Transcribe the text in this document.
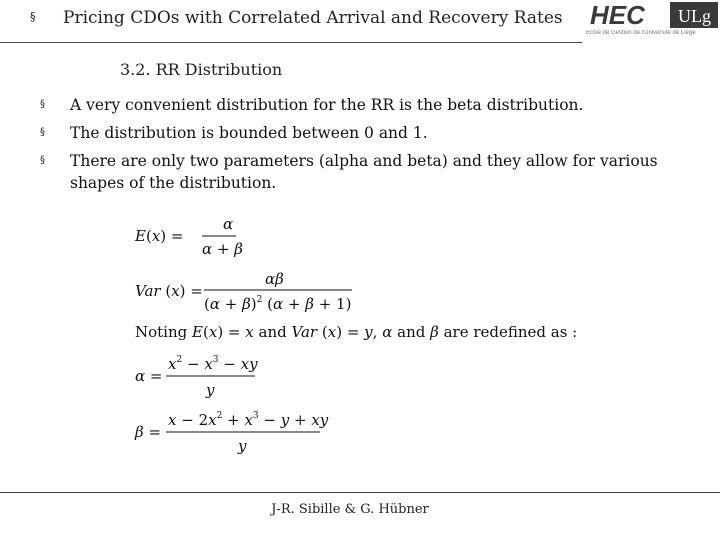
§ Pricing CDOs with Correlated Arrival and Recovery Rates HEC ULg
École de Gestion de l'Université de Liège
3.2. RR Distribution
§ A very convenient distribution for the RR is the beta distribution.
§ The distribution is bounded between 0 and 1.
§ There are only two parameters (alpha and beta) and they allow for various shapes of the distribution.
E(x) =
α
α + β
Var (x) =
αβ
$(\alpha + \beta)^2$ (α + β + 1)
Noting E(x) = x and Var (x) = y, α and β are redefined as :
α =
$x^2 - x^3$ − xy
y
β =
$x - 2x^2 + x^3 - y$ + xy
y
J-R. Sibille & G. Hübner
